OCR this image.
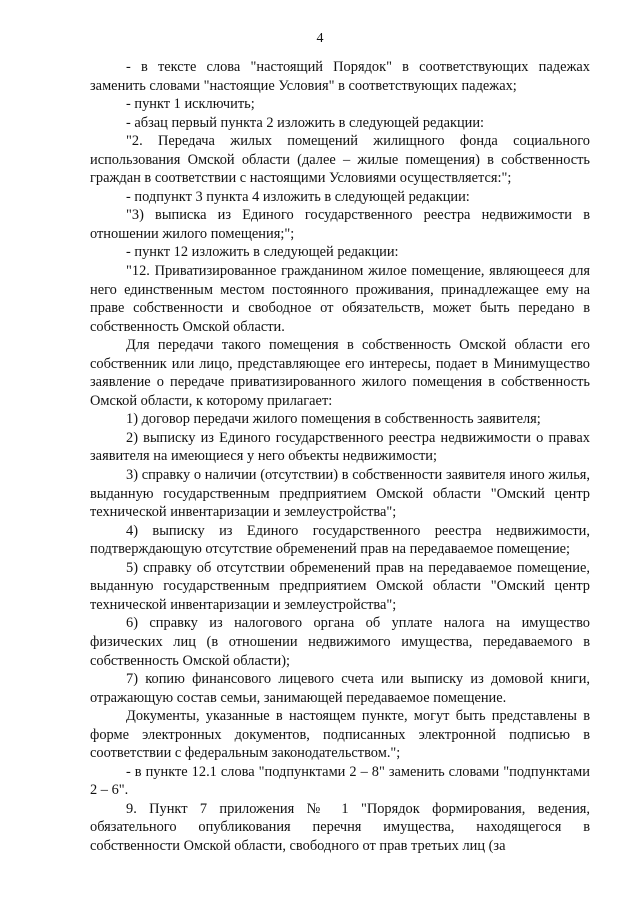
4

- в тексте слова "настоящий Порядок" в соответствующих падежах заменить словами "настоящие Условия" в соответствующих падежах;

- пункт 1 исключить;

- абзац первый пункта 2 изложить в следующей редакции:

"2. Передача жилых помещений жилищного фонда социального использования Омской области (далее – жилые помещения) в собственность граждан в соответствии с настоящими Условиями осуществляется:";

- подпункт 3 пункта 4 изложить в следующей редакции:

"3) выписка из Единого государственного реестра недвижимости в отношении жилого помещения;";

- пункт 12 изложить в следующей редакции:

"12. Приватизированное гражданином жилое помещение, являющееся для него единственным местом постоянного проживания, принадлежащее ему на праве собственности и свободное от обязательств, может быть передано в собственность Омской области.

Для передачи такого помещения в собственность Омской области его собственник или лицо, представляющее его интересы, подает в Минимущество заявление о передаче приватизированного жилого помещения в собственность Омской области, к которому прилагает:

1) договор передачи жилого помещения в собственность заявителя;

2) выписку из Единого государственного реестра недвижимости о правах заявителя на имеющиеся у него объекты недвижимости;

3) справку о наличии (отсутствии) в собственности заявителя иного жилья, выданную государственным предприятием Омской области "Омский центр технической инвентаризации и землеустройства";

4) выписку из Единого государственного реестра недвижимости, подтверждающую отсутствие обременений прав на передаваемое помещение;

5) справку об отсутствии обременений прав на передаваемое помещение, выданную государственным предприятием Омской области "Омский центр технической инвентаризации и землеустройства";

6) справку из налогового органа об уплате налога на имущество физических лиц (в отношении недвижимого имущества, передаваемого в собственность Омской области);

7) копию финансового лицевого счета или выписку из домовой книги, отражающую состав семьи, занимающей передаваемое помещение.

Документы, указанные в настоящем пункте, могут быть представлены в форме электронных документов, подписанных электронной подписью в соответствии с федеральным законодательством.";

- в пункте 12.1 слова "подпунктами 2 – 8" заменить словами "подпунктами 2 – 6".

9. Пункт 7 приложения № 1 "Порядок формирования, ведения, обязательного опубликования перечня имущества, находящегося в собственности Омской области, свободного от прав третьих лиц (за
